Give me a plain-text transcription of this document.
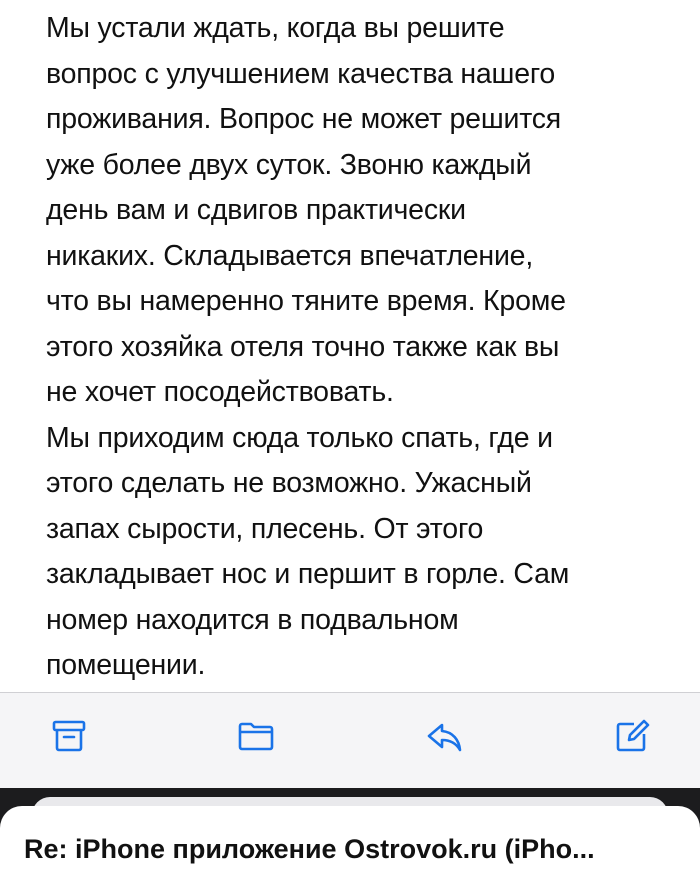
Мы устали ждать, когда вы решите
вопрос с улучшением качества нашего
проживания. Вопрос не может решится
уже более двух суток. Звоню каждый
день вам и сдвигов практически
никаких. Складывается впечатление,
что вы намеренно тяните время. Кроме
этого хозяйка отеля точно также как вы
не хочет посодействовать.
Мы приходим сюда только спать, где и
этого сделать не возможно. Ужасный
запах сырости, плесень. От этого
закладывает нос и першит в горле. Сам
номер находится в подвальном
помещении.
Re: iPhone приложение Ostrovok.ru (iPho...
